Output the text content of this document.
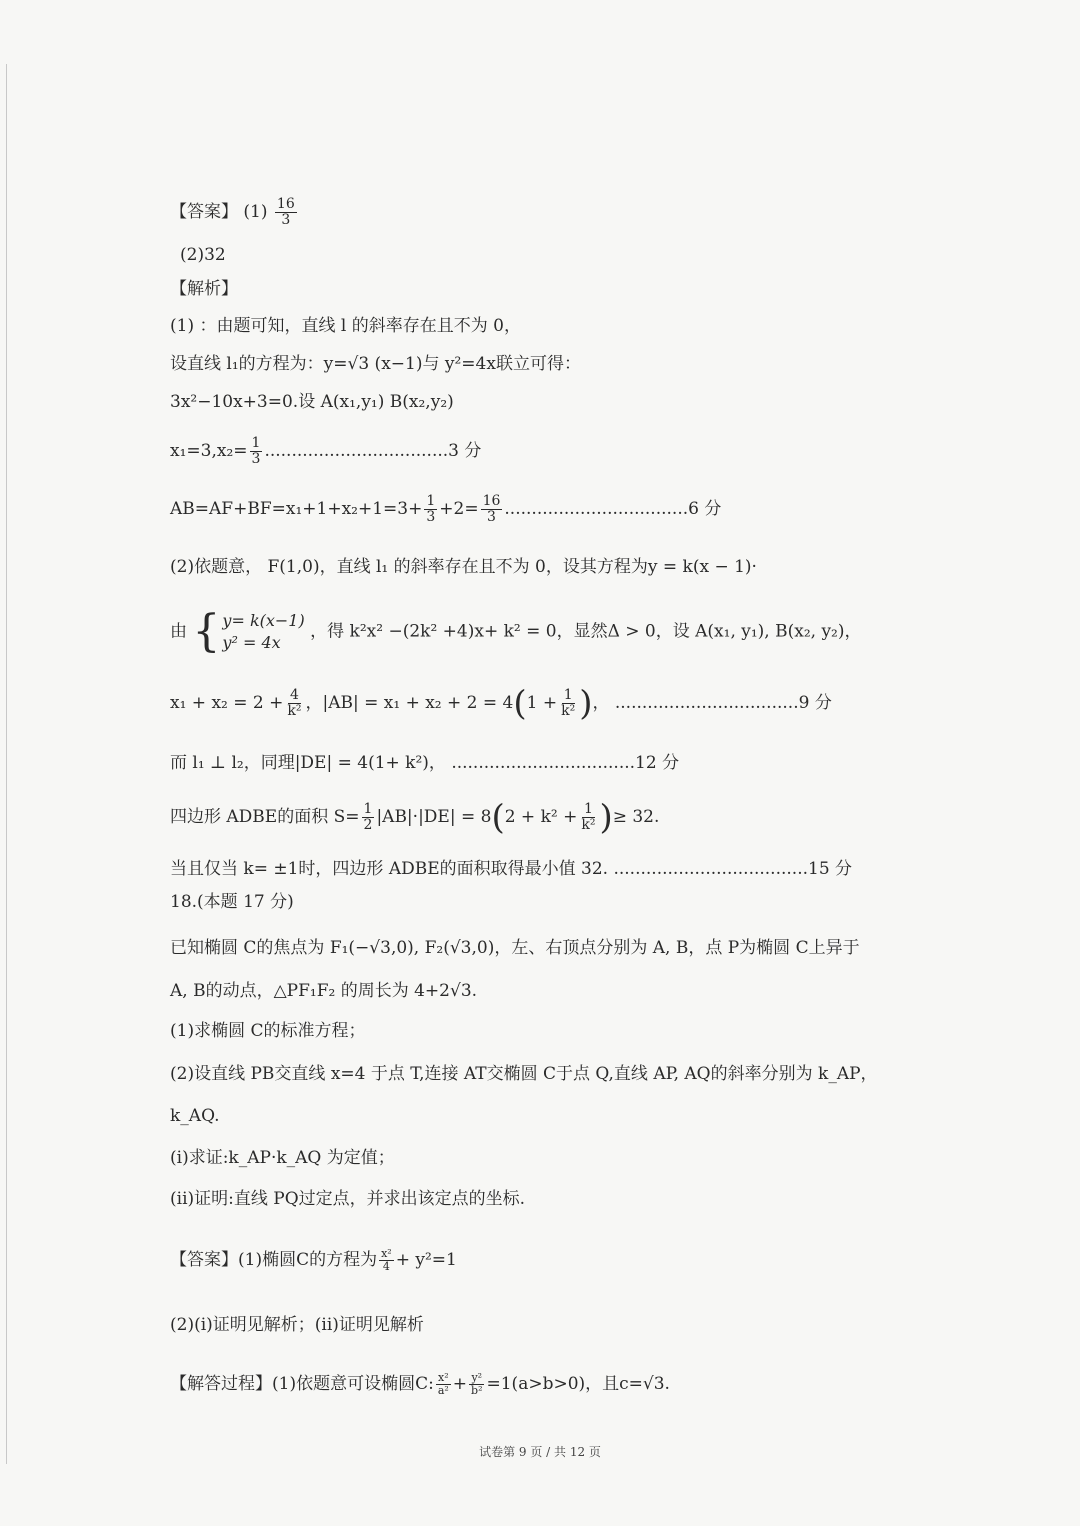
【答案】 $(1) \frac{16}{3}$
(2)32
【解析】
(1) ：由题可知，直线 l 的斜率存在且不为 0，
设直线 l₁的方程为：y=√3 (x−1)与 y²=4x联立可得：
3x²−10x+3=0.设 A(x₁,y₁) B(x₂,y₂)
$x_1=3,x_2= \frac{1}{3} ..................................3$ 分
$AB=AF+BF=x_1+1+x_2+1=3+ \frac{1}{3} +2= \frac{16}{3} ..................................6$ 分
(2)依题意， F(1,0)，直线 l₁ 的斜率存在且不为 0，设其方程为y = k(x − 1)·
由 { y= k(x−1)
y² = 4x
，得 k²x² −(2k² +4)x+ k² = 0，显然Δ > 0，设 A(x₁, y₁), B(x₂, y₂)，
$x_1 + x_2 = 2 + \frac{4}{\text{k²}}$ ，$|AB| = x_1 + x_2 + 2 = 4(1 + \frac{1}{\text{k²}}$ )， ..................................9 分
而 l₁ ⊥ l₂，同理|DE| = 4(1+ k²)， ..................................12 分
四边形 ADBE的面积 $S= \frac{1}{2} |AB|\cdot|DE| = 8(2 + k^2 + \frac{1}{\text{k²}}$ )≥ 32.
当且仅当 k= ±1时，四边形 ADBE的面积取得最小值 32. ....................................15 分
18.(本题 17 分)
已知椭圆 C的焦点为 F₁(−√3,0), F₂(√3,0)，左、右顶点分别为 A, B，点 P为椭圆 C上异于
A, B的动点，△PF₁F₂ 的周长为 4+2√3.
(1)求椭圆 C的标准方程；
(2)设直线 PB交直线 x=4 于点 T,连接 AT交椭圆 C于点 Q,直线 AP, AQ的斜率分别为 k_AP，
k_AQ.
(i)求证:k_AP·k_AQ 为定值；
(ii)证明:直线 PQ过定点，并求出该定点的坐标.
【答案】(1)椭圆C的方程为 $\frac{\text{x²}}{4} + y^2=1$
(2)(i)证明见解析；(ii)证明见解析
【解答过程】(1)依题意可设椭圆C: $\frac{\text{x²}}{\text{a²}} + \frac{\text{y²}}{\text{b²}} =1(a>b>0)$，且c=√3.
试卷第 9 页 / 共 12 页
